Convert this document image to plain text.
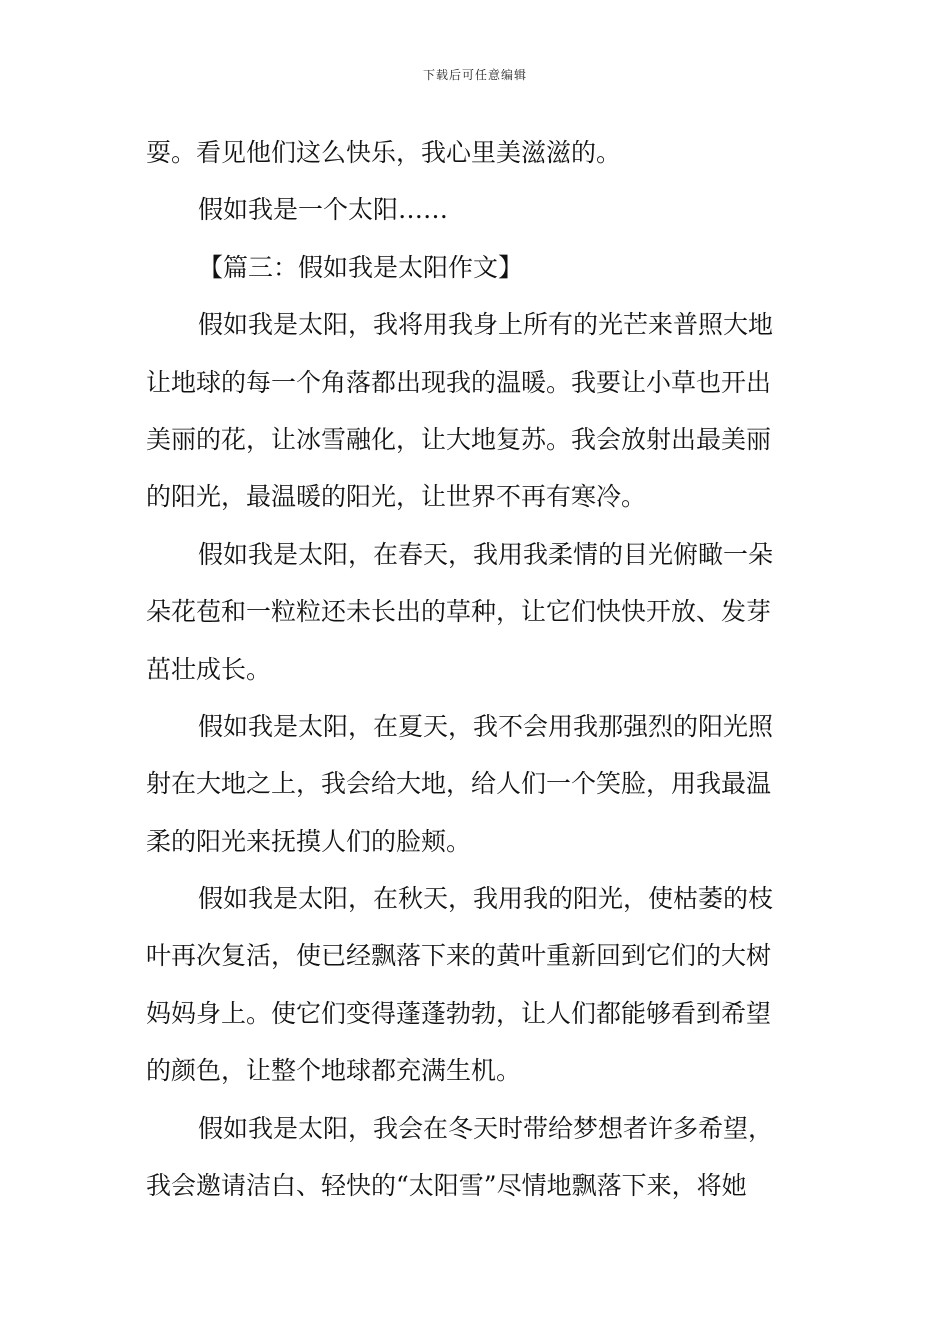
下载后可任意编辑
耍。看见他们这么快乐，我心里美滋滋的。
假如我是一个太阳……
【篇三：假如我是太阳作文】
假如我是太阳，我将用我身上所有的光芒来普照大地
让地球的每一个角落都出现我的温暖。我要让小草也开出
美丽的花，让冰雪融化，让大地复苏。我会放射出最美丽
的阳光，最温暖的阳光，让世界不再有寒冷。
假如我是太阳，在春天，我用我柔情的目光俯瞰一朵
朵花苞和一粒粒还未长出的草种，让它们快快开放、发芽
茁壮成长。
假如我是太阳，在夏天，我不会用我那强烈的阳光照
射在大地之上，我会给大地，给人们一个笑脸，用我最温
柔的阳光来抚摸人们的脸颊。
假如我是太阳，在秋天，我用我的阳光，使枯萎的枝
叶再次复活，使已经飘落下来的黄叶重新回到它们的大树
妈妈身上。使它们变得蓬蓬勃勃，让人们都能够看到希望
的颜色，让整个地球都充满生机。
假如我是太阳，我会在冬天时带给梦想者许多希望，
我会邀请洁白、轻快的“太阳雪”尽情地飘落下来，将她
